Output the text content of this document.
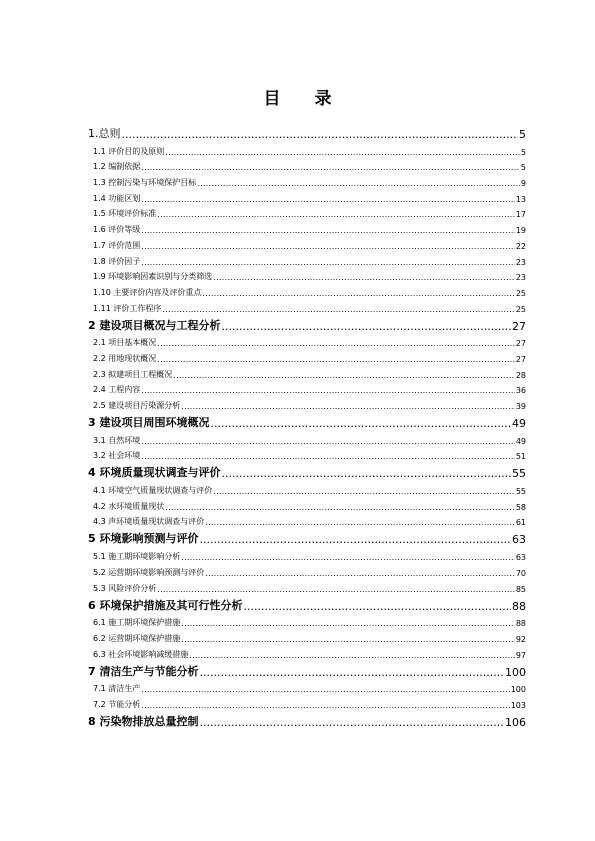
目 录
1.总则 .....	5
1.1 评价目的及原则 .....	5
1.2 编制依据 .....	5
1.3 控制污染与环境保护目标 .....	9
1.4 功能区划 .....	13
1.5 环境评价标准 .....	17
1.6 评价等级 .....	19
1.7 评价范围 .....	22
1.8 评价因子 .....	23
1.9 环境影响因素识别与分类筛选 .....	23
1.10 主要评价内容及评价重点 .....	25
1.11 评价工作程序 .....	25
2 建设项目概况与工程分析 .....	27
2.1 项目基本概况 .....	27
2.2 用地现状概况 .....	27
2.3 拟建项目工程概况 .....	28
2.4 工程内容 .....	36
2.5 建设项目污染源分析 .....	39
3 建设项目周围环境概况 .....	49
3.1 自然环境 .....	49
3.2 社会环境 .....	51
4 环境质量现状调查与评价 .....	55
4.1 环境空气质量现状调查与评价 .....	55
4.2 水环境质量现状 .....	58
4.3 声环境质量现状调查与评价 .....	61
5 环境影响预测与评价 .....	63
5.1 施工期环境影响分析 .....	63
5.2 运营期环境影响预测与评价 .....	70
5.3 风险评价分析 .....	85
6 环境保护措施及其可行性分析 .....	88
6.1 施工期环境保护措施 .....	88
6.2 运营期环境保护措施 .....	92
6.3 社会环境影响减缓措施 .....	97
7 清洁生产与节能分析 .....	100
7.1 清洁生产 .....	100
7.2 节能分析 .....	103
8 污染物排放总量控制 .....	106
